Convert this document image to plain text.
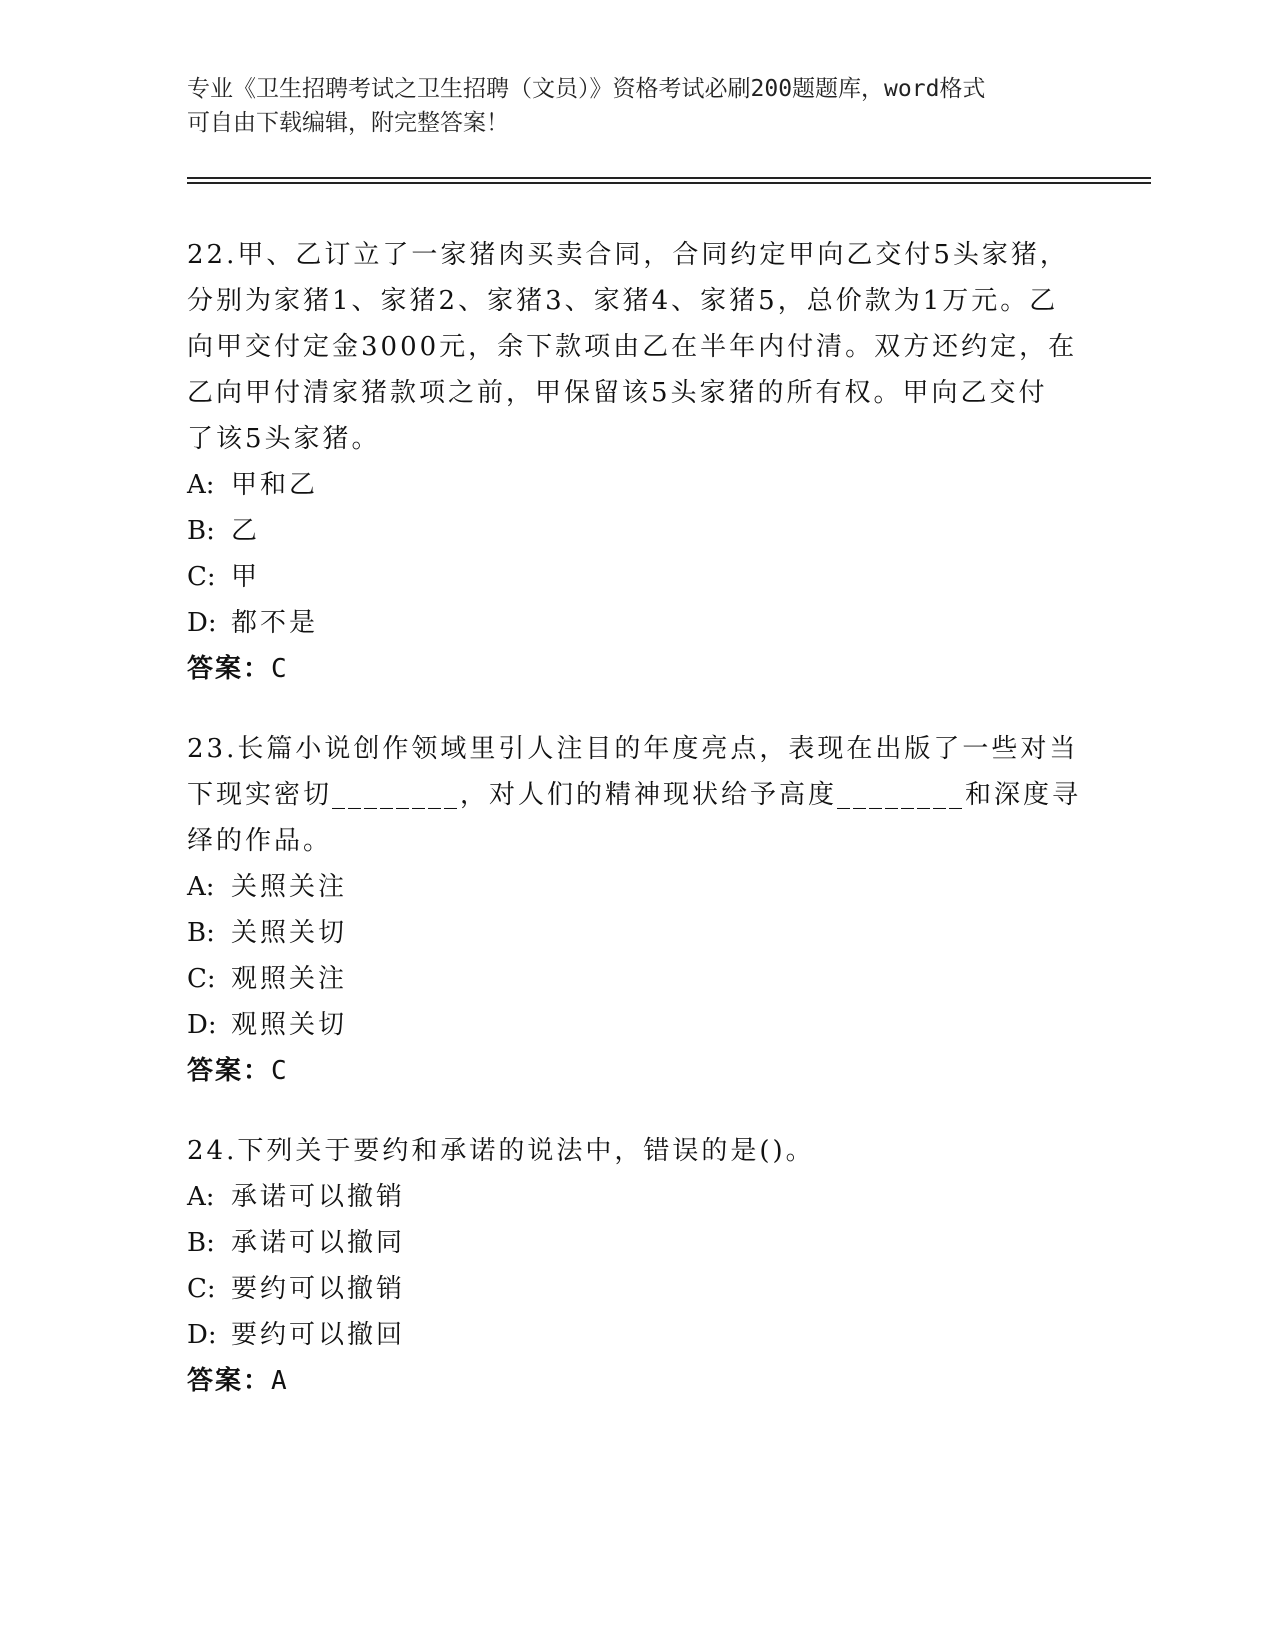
专业《卫生招聘考试之卫生招聘（文员）》资格考试必刷200题题库，word格式
可自由下载编辑，附完整答案！
22.甲、乙订立了一家猪肉买卖合同，合同约定甲向乙交付5头家猪，
分别为家猪1、家猪2、家猪3、家猪4、家猪5，总价款为1万元。乙
向甲交付定金3000元，余下款项由乙在半年内付清。双方还约定，在
乙向甲付清家猪款项之前，甲保留该5头家猪的所有权。甲向乙交付
了该5头家猪。
A: 甲和乙
B: 乙
C: 甲
D: 都不是
答案：C
23.长篇小说创作领域里引人注目的年度亮点，表现在出版了一些对当
下现实密切________，对人们的精神现状给予高度________和深度寻
绎的作品。
A: 关照关注
B: 关照关切
C: 观照关注
D: 观照关切
答案：C
24.下列关于要约和承诺的说法中，错误的是()。
A: 承诺可以撤销
B: 承诺可以撤同
C: 要约可以撤销
D: 要约可以撤回
答案：A
